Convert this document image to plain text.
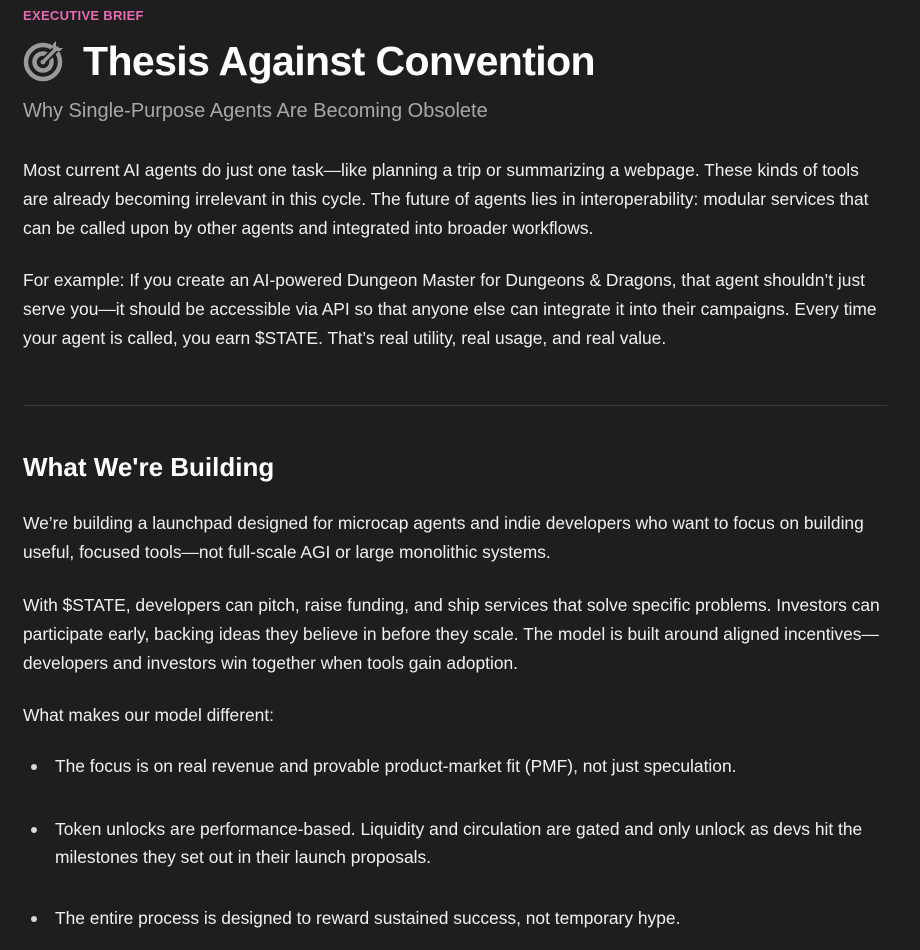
EXECUTIVE BRIEF
Thesis Against Convention

Why Single-Purpose Agents Are Becoming Obsolete

Most current AI agents do just one task—like planning a trip or summarizing a webpage. These kinds of tools are already becoming irrelevant in this cycle. The future of agents lies in interoperability: modular services that can be called upon by other agents and integrated into broader workflows.

For example: If you create an AI-powered Dungeon Master for Dungeons & Dragons, that agent shouldn’t just serve you—it should be accessible via API so that anyone else can integrate it into their campaigns. Every time your agent is called, you earn $STATE. That’s real utility, real usage, and real value.

What We're Building

We’re building a launchpad designed for microcap agents and indie developers who want to focus on building useful, focused tools—not full-scale AGI or large monolithic systems.

With $STATE, developers can pitch, raise funding, and ship services that solve specific problems. Investors can participate early, backing ideas they believe in before they scale. The model is built around aligned incentives—developers and investors win together when tools gain adoption.

What makes our model different:

The focus is on real revenue and provable product-market fit (PMF), not just speculation.
Token unlocks are performance-based. Liquidity and circulation are gated and only unlock as devs hit the milestones they set out in their launch proposals.
The entire process is designed to reward sustained success, not temporary hype.
